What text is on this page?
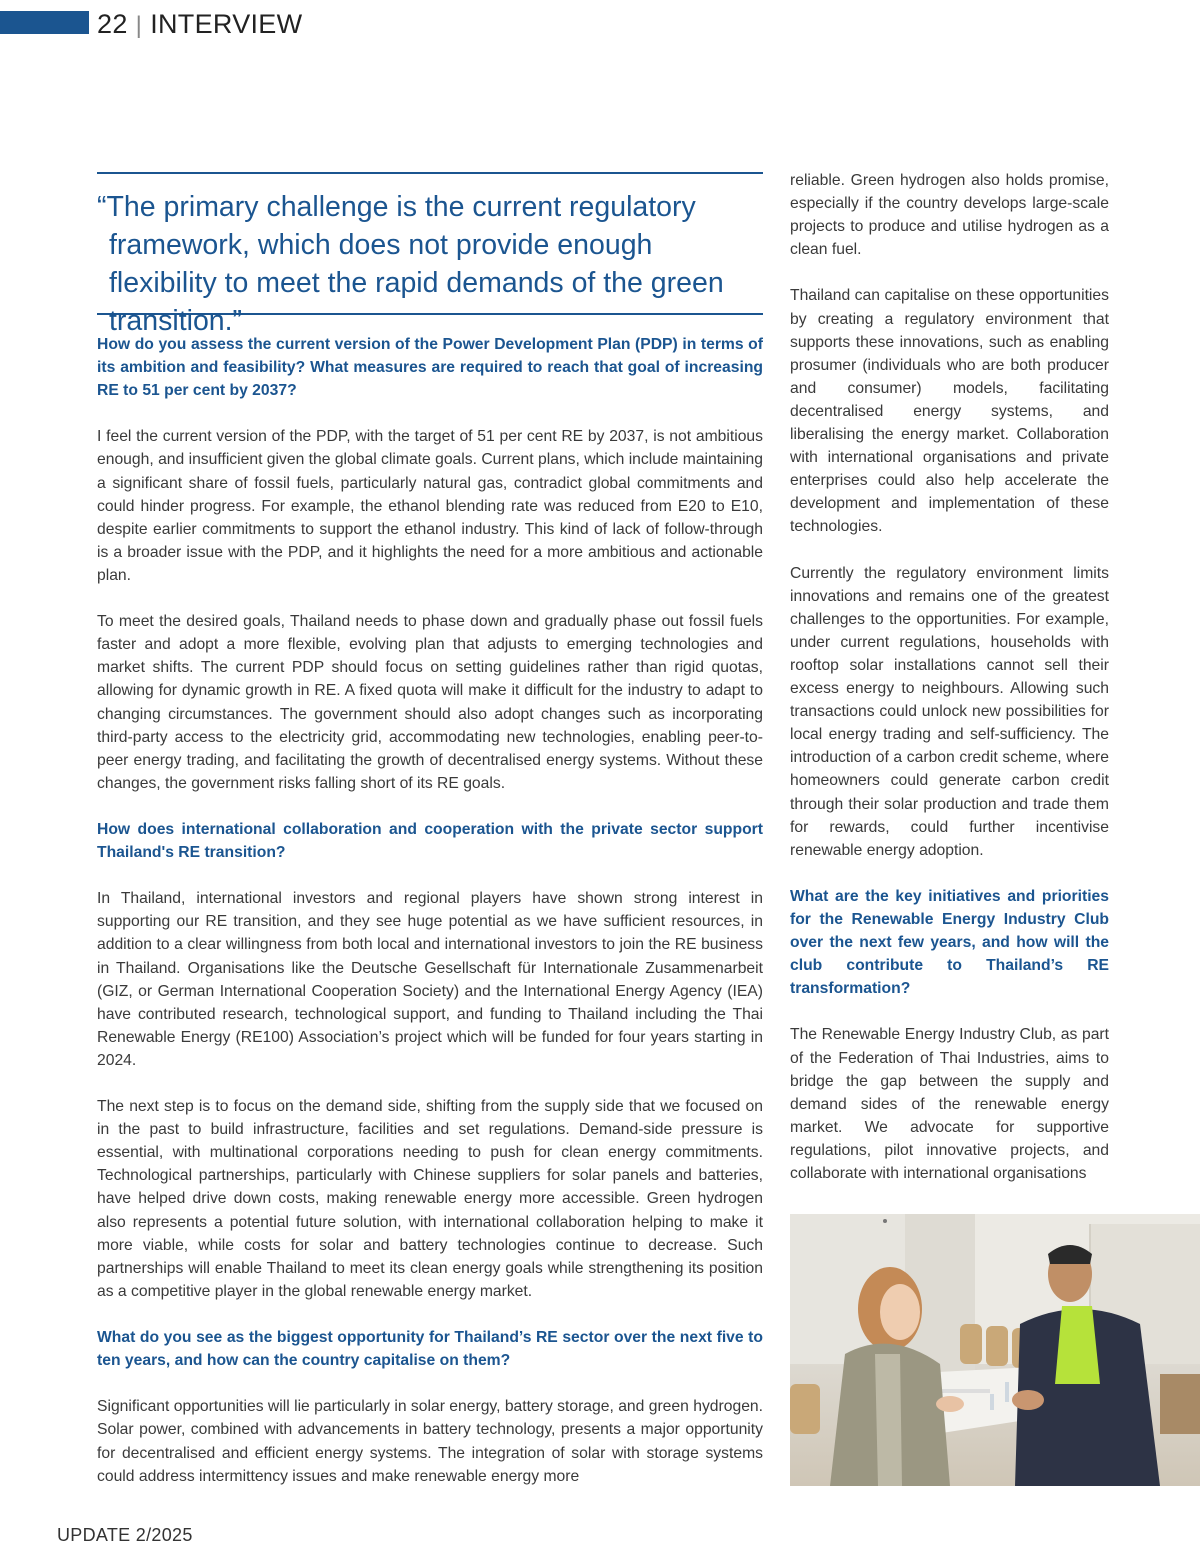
22 | INTERVIEW

“The primary challenge is the current regulatory framework, which does not provide enough flexibility to meet the rapid demands of the green transition.”

How do you assess the current version of the Power Development Plan (PDP) in terms of its ambition and feasibility? What measures are required to reach that goal of increasing RE to 51 per cent by 2037?

I feel the current version of the PDP, with the target of 51 per cent RE by 2037, is not ambitious enough, and insufficient given the global climate goals. Current plans, which include maintaining a significant share of fossil fuels, particularly natural gas, contradict global commitments and could hinder progress. For example, the ethanol blending rate was reduced from E20 to E10, despite earlier commitments to support the ethanol industry. This kind of lack of follow-through is a broader issue with the PDP, and it highlights the need for a more ambitious and actionable plan.

To meet the desired goals, Thailand needs to phase down and gradually phase out fossil fuels faster and adopt a more flexible, evolving plan that adjusts to emerging technologies and market shifts. The current PDP should focus on setting guidelines rather than rigid quotas, allowing for dynamic growth in RE. A fixed quota will make it difficult for the industry to adapt to changing circumstances. The government should also adopt changes such as incorporating third-party access to the electricity grid, accommodating new technologies, enabling peer-to-peer energy trading, and facilitating the growth of decentralised energy systems. Without these changes, the government risks falling short of its RE goals.

How does international collaboration and cooperation with the private sector support Thailand's RE transition?

In Thailand, international investors and regional players have shown strong interest in supporting our RE transition, and they see huge potential as we have sufficient resources, in addition to a clear willingness from both local and international investors to join the RE business in Thailand. Organisations like the Deutsche Gesellschaft für Internationale Zusammenarbeit (GIZ, or German International Cooperation Society) and the International Energy Agency (IEA) have contributed research, technological support, and funding to Thailand including the Thai Renewable Energy (RE100) Association’s project which will be funded for four years starting in 2024.

The next step is to focus on the demand side, shifting from the supply side that we focused on in the past to build infrastructure, facilities and set regulations. Demand-side pressure is essential, with multinational corporations needing to push for clean energy commitments. Technological partnerships, particularly with Chinese suppliers for solar panels and batteries, have helped drive down costs, making renewable energy more accessible. Green hydrogen also represents a potential future solution, with international collaboration helping to make it more viable, while costs for solar and battery technologies continue to decrease. Such partnerships will enable Thailand to meet its clean energy goals while strengthening its position as a competitive player in the global renewable energy market.

What do you see as the biggest opportunity for Thailand’s RE sector over the next five to ten years, and how can the country capitalise on them?

Significant opportunities will lie particularly in solar energy, battery storage, and green hydrogen. Solar power, combined with advancements in battery technology, presents a major opportunity for decentralised and efficient energy systems. The integration of solar with storage systems could address intermittency issues and make renewable energy more

reliable. Green hydrogen also holds promise, especially if the country develops large-scale projects to produce and utilise hydrogen as a clean fuel.

Thailand can capitalise on these opportunities by creating a regulatory environment that supports these innovations, such as enabling prosumer (individuals who are both producer and consumer) models, facilitating decentralised energy systems, and liberalising the energy market. Collaboration with international organisations and private enterprises could also help accelerate the development and implementation of these technologies.

Currently the regulatory environment limits innovations and remains one of the greatest challenges to the opportunities. For example, under current regulations, households with rooftop solar installations cannot sell their excess energy to neighbours. Allowing such transactions could unlock new possibilities for local energy trading and self-sufficiency. The introduction of a carbon credit scheme, where homeowners could generate carbon credit through their solar production and trade them for rewards, could further incentivise renewable energy adoption.

What are the key initiatives and priorities for the Renewable Energy Industry Club over the next few years, and how will the club contribute to Thailand’s RE transformation?

The Renewable Energy Industry Club, as part of the Federation of Thai Industries, aims to bridge the gap between the supply and demand sides of the renewable energy market. We advocate for supportive regulations, pilot innovative projects, and collaborate with international organisations

UPDATE 2/2025
